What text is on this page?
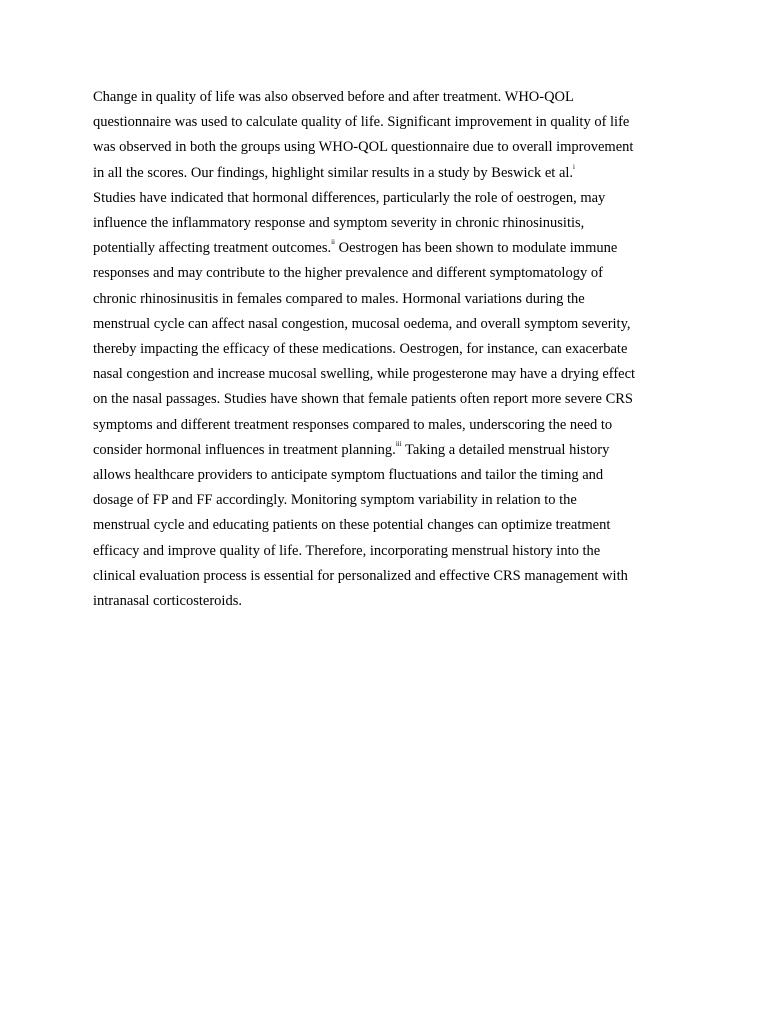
Change in quality of life was also observed before and after treatment. WHO-QOL
questionnaire was used to calculate quality of life. Significant improvement in quality of life
was observed in both the groups using WHO-QOL questionnaire due to overall improvement
in all the scores. Our findings, highlight similar results in a study by Beswick et al.$^i$
Studies have indicated that hormonal differences, particularly the role of oestrogen, may
influence the inflammatory response and symptom severity in chronic rhinosinusitis,
potentially affecting treatment outcomes.$^{ii}$ Oestrogen has been shown to modulate immune
responses and may contribute to the higher prevalence and different symptomatology of
chronic rhinosinusitis in females compared to males. Hormonal variations during the
menstrual cycle can affect nasal congestion, mucosal oedema, and overall symptom severity,
thereby impacting the efficacy of these medications. Oestrogen, for instance, can exacerbate
nasal congestion and increase mucosal swelling, while progesterone may have a drying effect
on the nasal passages. Studies have shown that female patients often report more severe CRS
symptoms and different treatment responses compared to males, underscoring the need to
consider hormonal influences in treatment planning.$^{iii}$ Taking a detailed menstrual history
allows healthcare providers to anticipate symptom fluctuations and tailor the timing and
dosage of FP and FF accordingly. Monitoring symptom variability in relation to the
menstrual cycle and educating patients on these potential changes can optimize treatment
efficacy and improve quality of life. Therefore, incorporating menstrual history into the
clinical evaluation process is essential for personalized and effective CRS management with
intranasal corticosteroids.
